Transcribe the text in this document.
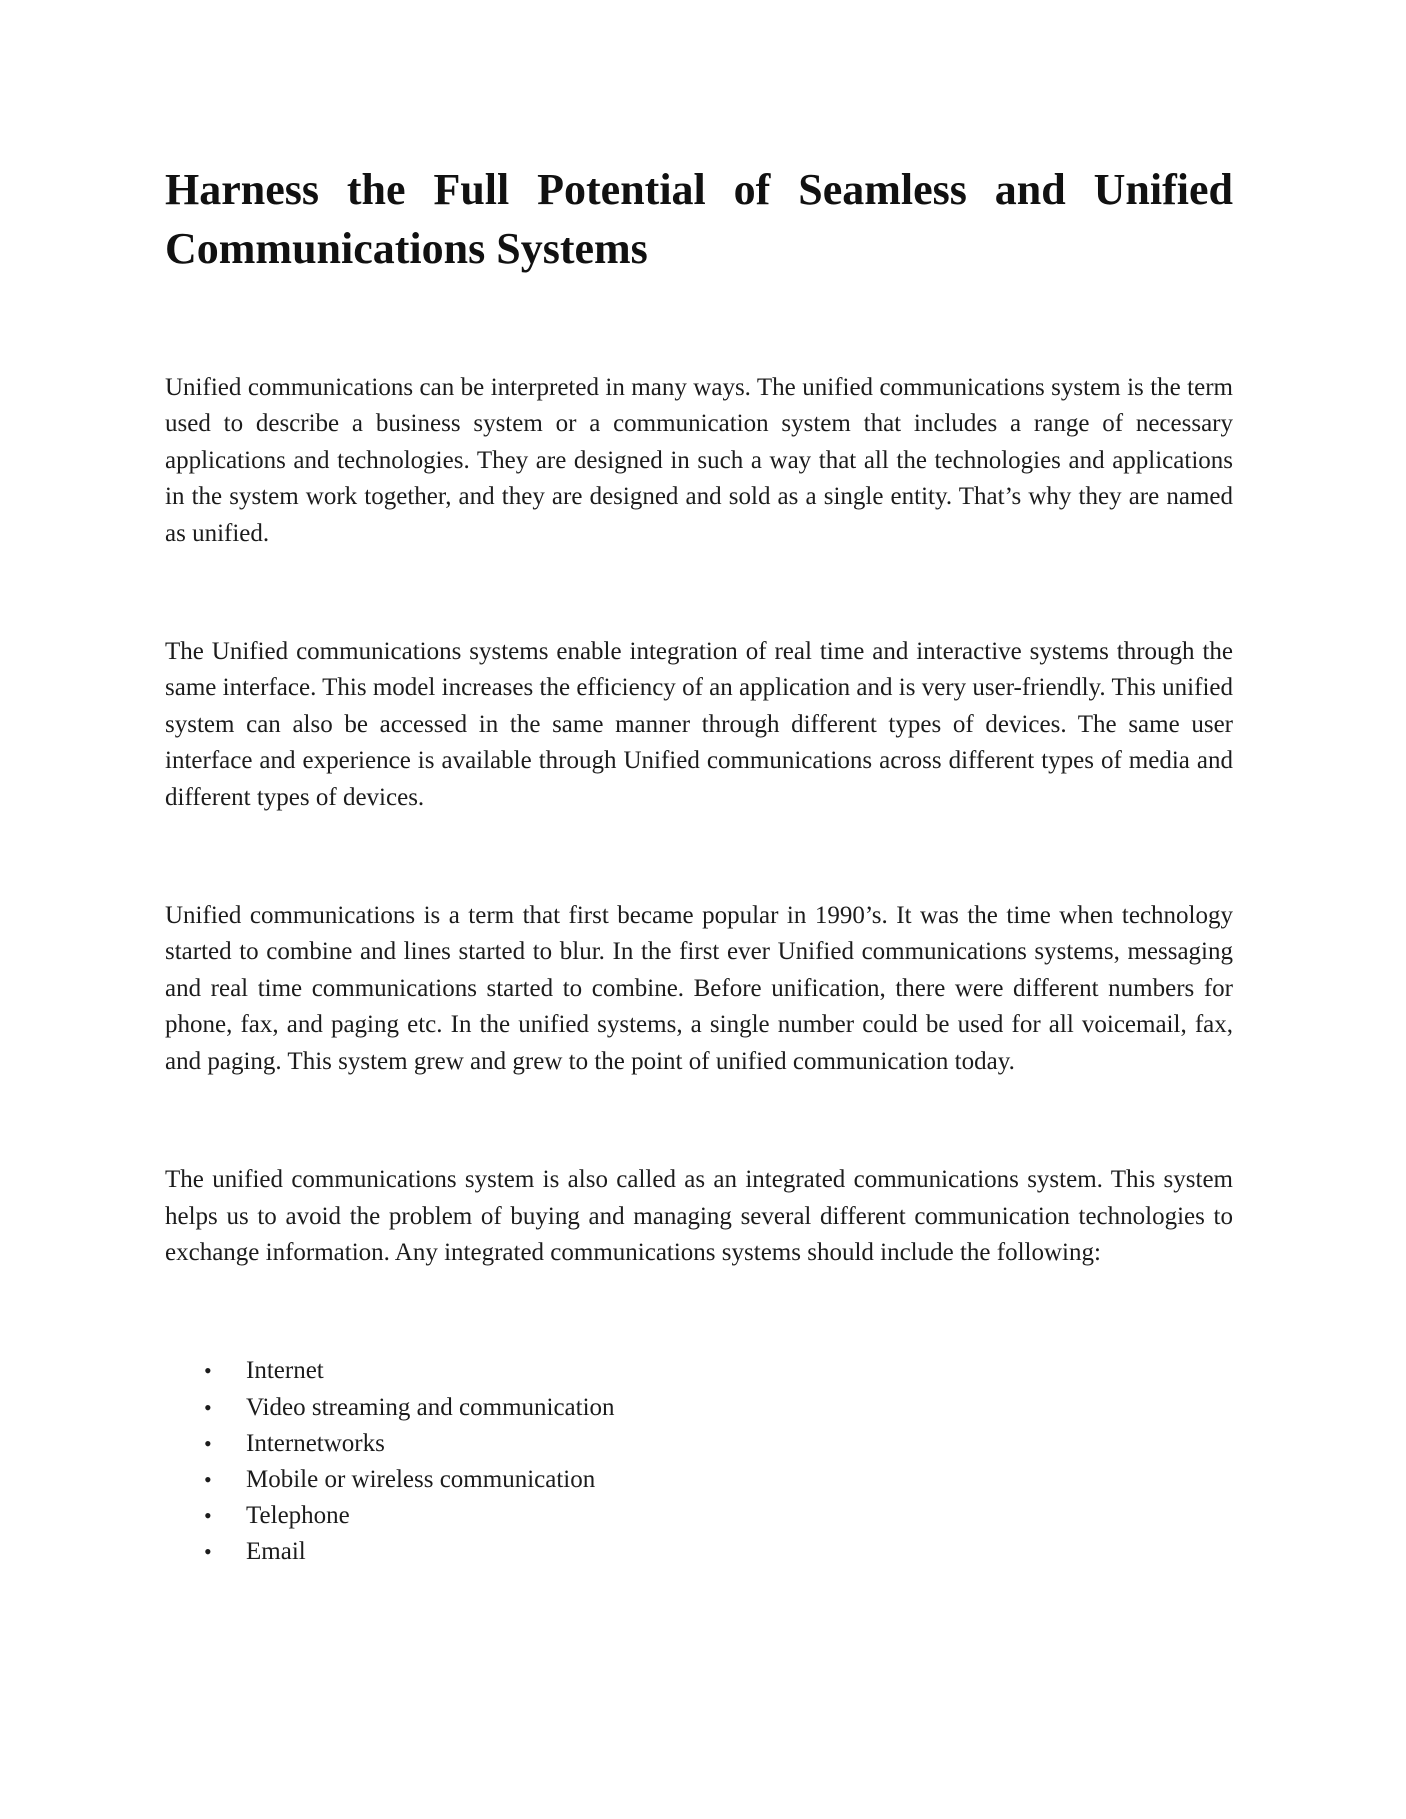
Harness the Full Potential of Seamless and Unified Communications Systems

Unified communications can be interpreted in many ways. The unified communications system is the term used to describe a business system or a communication system that includes a range of necessary applications and technologies. They are designed in such a way that all the technologies and applications in the system work together, and they are designed and sold as a single entity. That’s why they are named as unified.

The Unified communications systems enable integration of real time and interactive systems through the same interface. This model increases the efficiency of an application and is very user-friendly. This unified system can also be accessed in the same manner through different types of devices. The same user interface and experience is available through Unified communications across different types of media and different types of devices.

Unified communications is a term that first became popular in 1990’s. It was the time when technology started to combine and lines started to blur. In the first ever Unified communications systems, messaging and real time communications started to combine. Before unification, there were different numbers for phone, fax, and paging etc. In the unified systems, a single number could be used for all voicemail, fax, and paging. This system grew and grew to the point of unified communication today.

The unified communications system is also called as an integrated communications system. This system helps us to avoid the problem of buying and managing several different communication technologies to exchange information. Any integrated communications systems should include the following:

• Internet
• Video streaming and communication
• Internetworks
• Mobile or wireless communication
• Telephone
• Email
